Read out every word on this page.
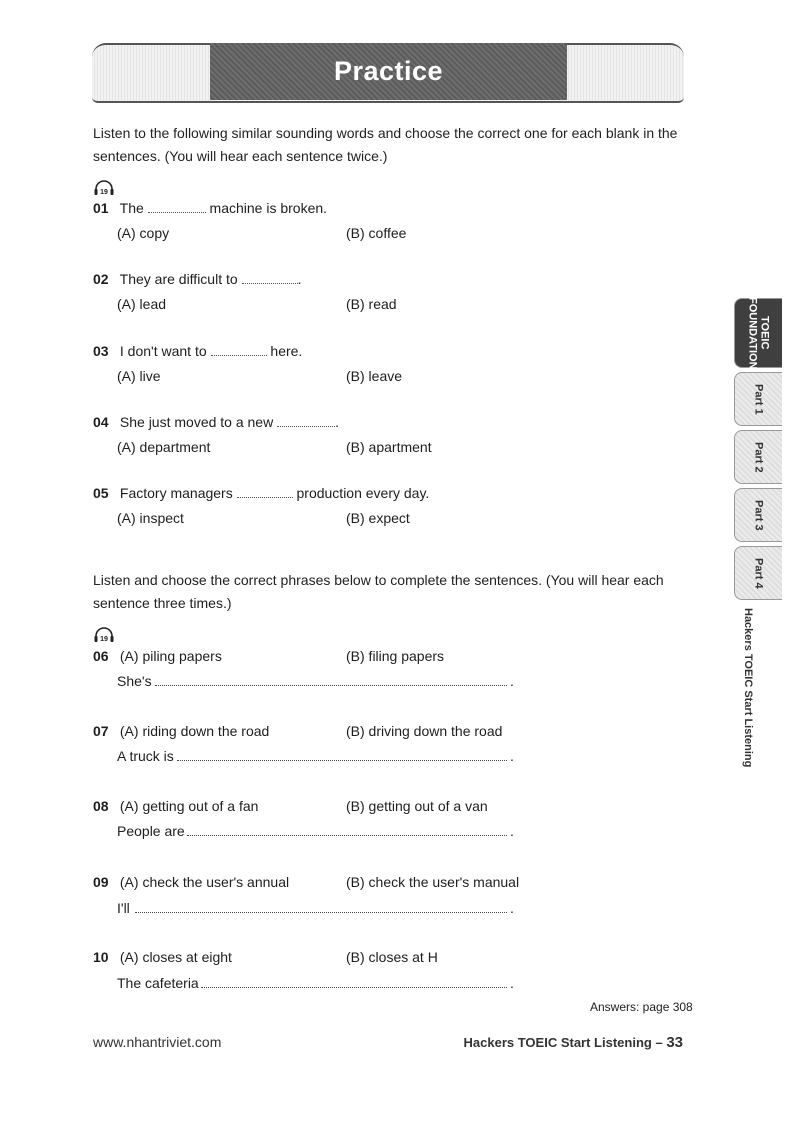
Practice
Listen to the following similar sounding words and choose the correct one for each blank in the sentences. (You will hear each sentence twice.)
19
01 The	machine is broken.
(A) copy	(B) coffee
02 They are difficult to	.
(A) lead	(B) read
03 I don't want to	here.
(A) live	(B) leave
04 She just moved to a new	.
(A) department	(B) apartment
05 Factory managers	production every day.
(A) inspect	(B) expect
Listen and choose the correct phrases below to complete the sentences. (You will hear each sentence three times.)
19
06 (A) piling papers	(B) filing papers
She's	.
07 (A) riding down the road	(B) driving down the road
A truck is	.
08 (A) getting out of a fan	(B) getting out of a van
People are	.
09 (A) check the user's annual	(B) check the user's manual
I'll	.
10 (A) closes at eight	(B) closes at H
The cafeteria	.
Answers: page 308
www.nhantriviet.com	Hackers TOEIC Start Listening – 33
TOEIC FOUNDATION
Part 1
Part 2
Part 3
Part 4
Hackers TOEIC Start Listening
